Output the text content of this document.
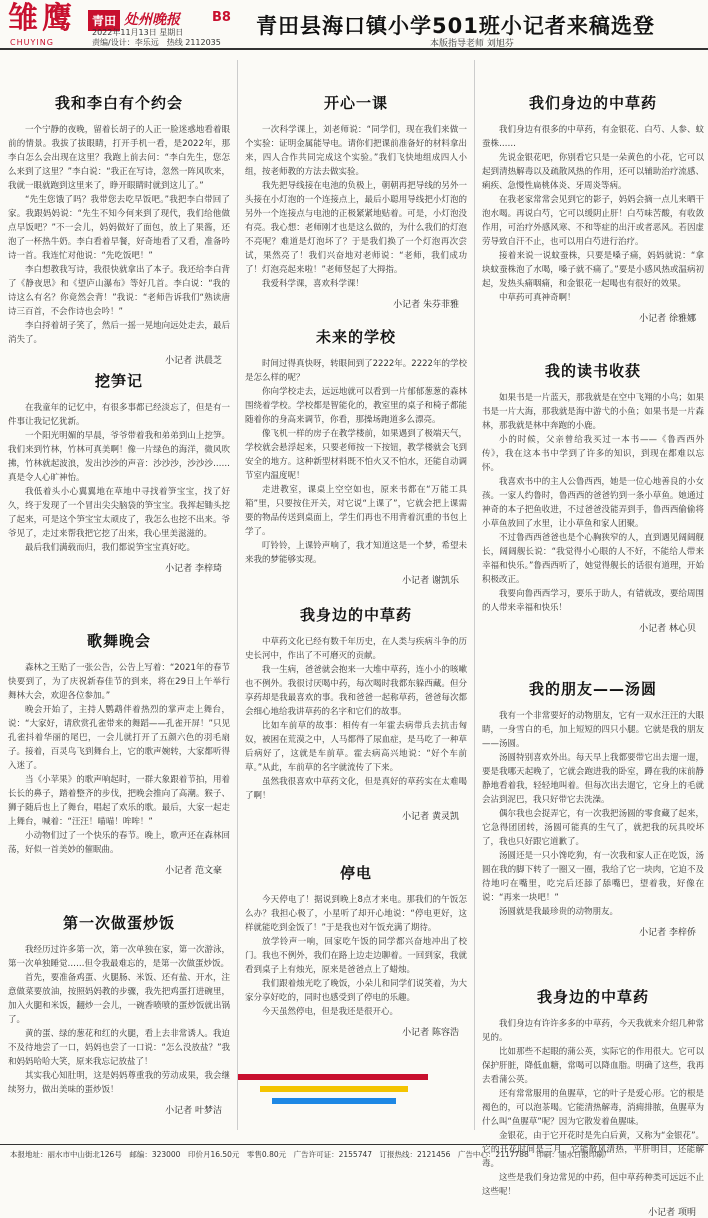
雏 鹰
CHUYING
青田 处州晚报 B8
2022年11月13日 星期日
责编/设计：李乐远　热线 2112035
青田县海口镇小学501班小记者来稿选登
本版指导老师 刘旭芬
我和李白有个约会

一个宁静的夜晚，留着长胡子的人正一脸迷惑地看着眼前的情景。我拔了拔眼睛，打开手机一看，是2022年，那李白怎么会出现在这里？我跑上前去问：“李白先生，您怎么来到了这里？”李白说：“我正在写诗，忽然一阵风吹来，我就一眼就跑到这里来了，睁开眼睛时就到这儿了。”

“先生您饿了吗？我带您去吃早饭吧。”我把李白带回了家。我跟妈妈说：“先生不知今何来到了现代，我们给他做点早饭吧？”不一会儿，妈妈做好了面包，放上了果酱，还泡了一杯热牛奶。李白看着早餐，好奇地看了又看，准备吟诗一首。我连忙对他说：“先吃饭吧！”

李白想教我写诗，我很快就拿出了本子。我还给李白背了《静夜思》和《望庐山瀑布》等好几首。李白说：“我的诗这么有名？你竟然会背！”我说：“老师告诉我们“熟读唐诗三百首，不会作诗也会吟！”

李白捋着胡子笑了，然后一摇一晃地向远处走去，最后消失了。

小记者 洪晨芝
挖笋记

在我童年的记忆中，有很多事都已经淡忘了，但是有一件事让我记忆犹新。

一个阳光明媚的早晨，爷爷带着我和弟弟到山上挖笋。我们来到竹林，竹林可真美啊！像一片绿色的海洋，微风吹拂，竹林就起波浪，发出沙沙的声音：沙沙沙，沙沙沙……真是令人心旷神怡。

我低着头小心翼翼地在草地中寻找着笋宝宝，找了好久，终于发现了一个冒出尖尖脑袋的笋宝宝。我挥起锄头挖了起来，可是这个笋宝宝太顽皮了，我怎么也挖不出来。爷爷见了，走过来帮我把它挖了出来，我心里美滋滋的。

最后我们满载而归，我们都说笋宝宝真好吃。

小记者 李梓琦
歌舞晚会

森林之王贴了一张公告，公告上写着：“2021年的春节快要到了，为了庆祝新春佳节的到来，将在29日上午举行舞林大会，欢迎各位参加。”

晚会开始了，主持人鹦鹉伴着热烈的掌声走上舞台，说：“大家好，请欣赏孔雀带来的舞蹈——孔雀开屏！”只见孔雀抖着华丽的尾巴，一会儿就打开了五颜六色的羽毛扇子。接着，百灵鸟飞到舞台上，它的歌声婉转，大家都听得入迷了。

当《小苹果》的歌声响起时，一群大象跟着节拍，用着长长的鼻子，踏着整齐的步伐，把晚会推向了高潮。猴子、狮子随后也上了舞台，唱起了欢乐的歌。最后，大家一起走上舞台，喊着：“汪汪！喵喵！哞哞！”

小动物们过了一个快乐的春节。晚上，歌声还在森林回荡，好似一首美妙的催眠曲。

小记者 范文豪
第一次做蛋炒饭

我经历过许多第一次，第一次单独在家，第一次游泳，第一次单独睡觉……但令我最难忘的，是第一次做蛋炒饭。

首先，要准备鸡蛋、火腿肠、米饭、还有盐、开水，注意做菜要放油，按照妈妈教的步骤，我先把鸡蛋打进碗里，加入火腿和米饭，翻炒一会儿，一碗香喷喷的蛋炒饭就出锅了。

黄的蛋、绿的葱花和红的火腿，看上去非常诱人。我迫不及待地尝了一口，妈妈也尝了一口说：“怎么没放盐？”我和妈妈哈哈大笑，原来我忘记放盐了！

其实我心知肚明，这是妈妈尊重我的劳动成果，我会继续努力，做出美味的蛋炒饭！

小记者 叶梦洁
开心一课

一次科学课上，刘老师说：“同学们，现在我们来做一个实验：证明金属能导电。请你们把课前准备好的材料拿出来，四人合作共同完成这个实验。”我们飞快地组成四人小组，按老师教的方法去做实验。

我先把导线接在电池的负极上，朝朝再把导线的另外一头接在小灯泡的一个连接点上，最后小聪用导线把小灯泡的另外一个连接点与电池的正极紧紧地贴着。可是，小灯泡没有亮。我心想：老师刚才也是这么做的，为什么我们的灯泡不亮呢？难道是灯泡坏了？于是我们换了一个灯泡再次尝试，果然亮了！我们兴奋地对老师说：“老师，我们成功了！灯泡亮起来啦！”老师竖起了大拇指。

我爱科学课，喜欢科学课！

小记者 朱芬菲雅
未来的学校

时间过得真快呀，转眼间到了2222年。2222年的学校是怎么样的呢？

你向学校走去，远远地就可以看到一片郁郁葱葱的森林围绕着学校。学校都是智能化的，教室里的桌子和椅子都能随着你的身高来调节，你看，那操场跑道多么漂亮。

像飞机一样的房子在教学楼前，如果遇到了极端天气，学校就会悬浮起来，只要老师按一下按钮，教学楼就会飞到安全的地方。这种新型材料既不怕火又不怕水，还能自动调节室内温度呢！

走进教室，课桌上空空如也，原来书都在“万能工具箱”里，只要按住开关，对它说“上课了”，它就会把上课需要的物品传送到桌面上，学生们再也不用背着沉重的书包上学了。

叮铃铃，上课铃声响了，我才知道这是一个梦，希望未来我的梦能够实现。

小记者 谢凯乐
我身边的中草药

中草药文化已经有数千年历史，在人类与疾病斗争的历史长河中，作出了不可磨灭的贡献。

我一生病，爸爸就会抱来一大堆中草药，连小小的咳嗽也不例外。我很讨厌喝中药，每次喝时我都东躲西藏。但分享药却是我最喜欢的事。我和爸爸一起称草药，爸爸每次都会细心地给我讲草药的名字和它们的故事。

比如车前草的故事：相传有一年霍去病带兵去抗击匈奴，被困在荒漠之中，人马都得了尿血症，是马吃了一种草后病好了，这就是车前草。霍去病高兴地说：“好个车前草。”从此，车前草的名字就流传了下来。

虽然我很喜欢中草药文化，但是真好的草药实在太难喝了啊！

小记者 黄灵凯
停电

今天停电了！据说到晚上8点才来电。那我们的午饭怎么办？我担心极了，小星听了却开心地说：“停电更好，这样就能吃到金饭了！”于是我也对午饭充满了期待。

放学铃声一响，回家吃午饭的同学都兴奋地冲出了校门。我也不例外，我们在路上边走边聊着。一回到家，我就看到桌子上有烛光，原来是爸爸点上了蜡烛。

我们跟着烛光吃了晚饭，小朵儿和同学们说笑着，为大家分享好吃的，同时也感受到了停电的乐趣。

今天虽然停电，但是我还是很开心。

小记者 陈容浩
我们身边的中草药

我们身边有很多的中草药，有金银花、白芍、人参、蚊蚕株……

先说金银花吧，你别看它只是一朵黄色的小花，它可以起到清热解毒以及疏散风热的作用，还可以辅助治疗流感、痢疾、急慢性扁桃体炎、牙周炎等病。

在我老家常常会见到它的影子，妈妈会摘一点儿来晒干泡水喝。再说白芍，它可以缓阴止肝！白芍味苦酸，有收敛作用，可治疗外感风寒、不和等症的出汗或者恶风。若因虚劳导致自汗不止，也可以用白芍进行治疗。

接着来说一说蚊蚕株，只要是嗓子痛，妈妈就说：“拿块蚊蚕株泡了水喝，嗓子就不痛了。”要是小感风热或温病初起，发热头痛咽痛，和金银花一起喝也有很好的效果。

中草药可真神奇啊！

小记者 徐雅娜
我的读书收获

如果书是一片蓝天，那我就是在空中飞翔的小鸟；如果书是一片大海，那我就是海中游弋的小鱼；如果书是一片森林，那我就是林中奔跑的小鹿。

小的时候，父亲曾给我买过一本书——《鲁西西外传》，我在这本书中学到了许多的知识，到现在都难以忘怀。

我喜欢书中的主人公鲁西西，她是一位心地善良的小女孩。一家人约鲁时，鲁西西的爸爸钓到一条小草鱼。她通过神奇的本子把鱼收进，不过爸爸没能弄到手，鲁西西偷偷将小草鱼放回了水里，让小草鱼和家人团聚。

不过鲁西西爸爸也是个心胸狭窄的人，直到遇见阔阔舰长，阔阔舰长说：“我觉得小心眼的人不好，不能给人带来幸福和快乐。”鲁西西听了，她觉得舰长的话很有道理，开始积极改正。

我要向鲁西西学习，要乐于助人，有错就改，要给周围的人带来幸福和快乐！

小记者 林心贝
我的朋友——汤圆

我有一个非常要好的动物朋友，它有一双水汪汪的大眼睛，一身雪白的毛，加上短短的四只小腿。它就是我的朋友——汤圆。

汤圆特别喜欢外出。每天早上我都要带它出去遛一遛，要是我哪天起晚了，它就会跑进我的卧室，蹲在我的床前静静地看着我，轻轻地叫着。但每次出去遛它，它身上的毛就会沾到泥巴，我只好带它去洗澡。

偶尔我也会捉弄它，有一次我把汤圆的零食藏了起来，它急得团团转，汤圆可能真的生气了，就把我的玩具咬坏了，我也只好跟它道歉了。

汤圆还是一只小馋吃狗，有一次我和家人正在吃饭，汤圆在我的脚下转了一圈又一圈，我给了它一块肉，它迫不及待地叼在嘴里，吃完后还舔了舔嘴巴，望着我，好像在说：“再来一块吧！”

汤圆就是我最珍贵的动物朋友。

小记者 李梓侨
我身边的中草药

我们身边有许许多多的中草药，今天我就来介绍几种常见的。

比如那些不起眼的蒲公英，实际它的作用很大。它可以保护肝脏，降低血糖，常喝可以降血脂。明确了这些，我再去看蒲公英。

还有常常服用的鱼腥草，它的叶子是爱心形。它的根是褐色的，可以泡茶喝。它能清热解毒，消痈排脓，鱼腥草为什么叫“鱼腥草”呢？因为它散发着鱼腥味。

金银花，由于它开花时是先白后黄，又称为“金银花”。它的开花时间是三月，它能散风清热，平肝明目，还能解毒。

这些是我们身边常见的中药，但中草药种类可远远不止这些呢！

小记者 项明
本报地址：丽水市中山街北126号　邮编：323000　印价月16.50元　零售0.80元　广告许可证：2155747　订报热线：2121456　广告中心：2117788　印刷：丽水日报印刷厂
